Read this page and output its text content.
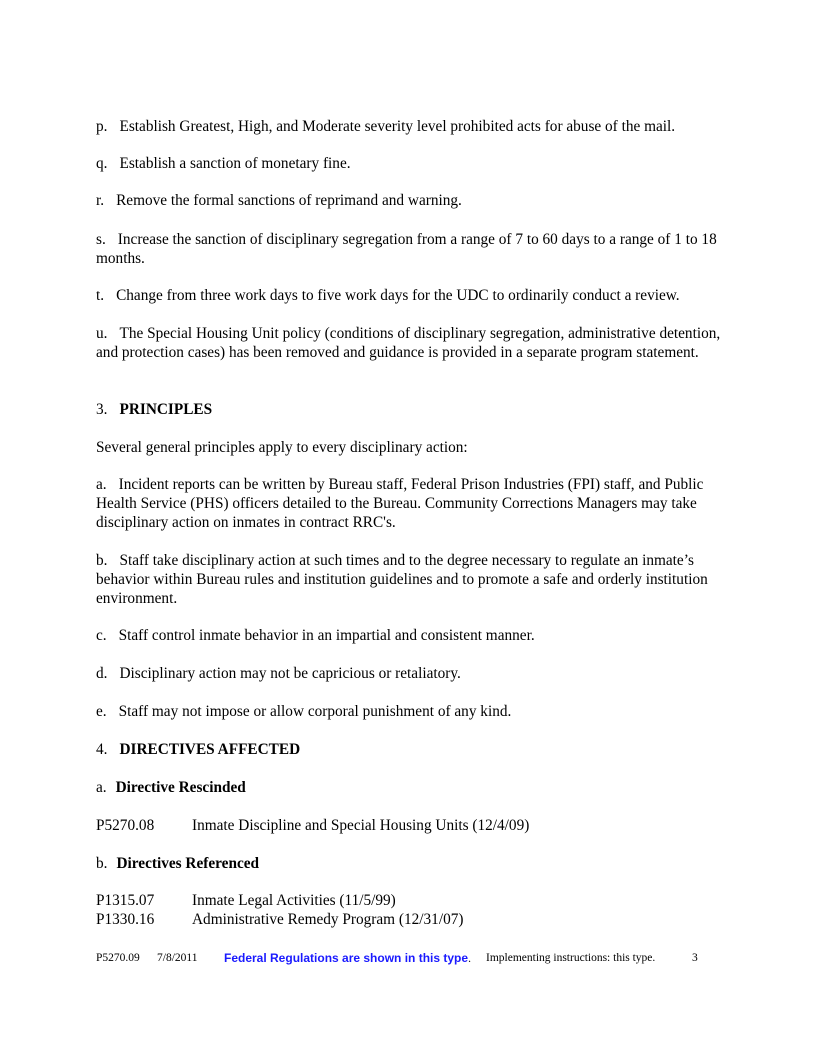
p. Establish Greatest, High, and Moderate severity level prohibited acts for abuse of the mail.

q. Establish a sanction of monetary fine.

r. Remove the formal sanctions of reprimand and warning.

s. Increase the sanction of disciplinary segregation from a range of 7 to 60 days to a range of 1 to 18 months.

t. Change from three work days to five work days for the UDC to ordinarily conduct a review.

u. The Special Housing Unit policy (conditions of disciplinary segregation, administrative detention, and protection cases) has been removed and guidance is provided in a separate program statement.

3. PRINCIPLES

Several general principles apply to every disciplinary action:

a. Incident reports can be written by Bureau staff, Federal Prison Industries (FPI) staff, and Public Health Service (PHS) officers detailed to the Bureau. Community Corrections Managers may take disciplinary action on inmates in contract RRC's.

b. Staff take disciplinary action at such times and to the degree necessary to regulate an inmate’s behavior within Bureau rules and institution guidelines and to promote a safe and orderly institution environment.

c. Staff control inmate behavior in an impartial and consistent manner.

d. Disciplinary action may not be capricious or retaliatory.

e. Staff may not impose or allow corporal punishment of any kind.

4. DIRECTIVES AFFECTED

a. Directive Rescinded

P5270.08 Inmate Discipline and Special Housing Units (12/4/09)

b. Directives Referenced

P1315.07 Inmate Legal Activities (11/5/99)

P1330.16 Administrative Remedy Program (12/31/07)

P5270.09 7/8/2011 Federal Regulations are shown in this type. Implementing instructions: this type.	3
